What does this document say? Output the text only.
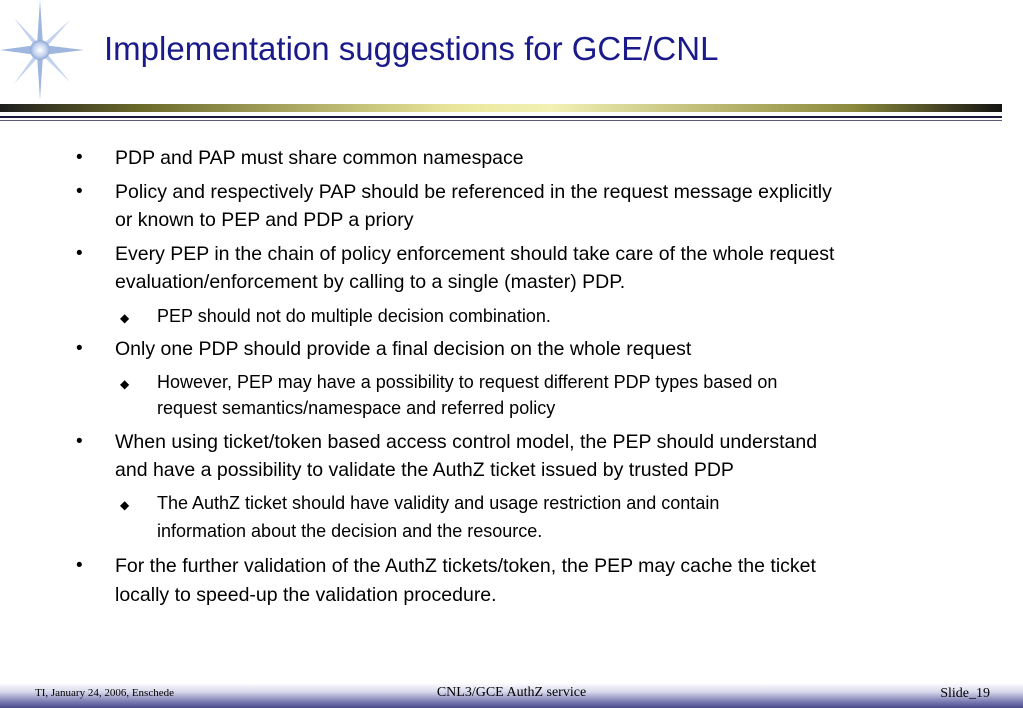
Implementation suggestions for GCE/CNL
• PDP and PAP must share common namespace
• Policy and respectively PAP should be referenced in the request message explicitly
or known to PEP and PDP a priory
• Every PEP in the chain of policy enforcement should take care of the whole request
evaluation/enforcement by calling to a single (master) PDP.
◆ PEP should not do multiple decision combination.
• Only one PDP should provide a final decision on the whole request
◆ However, PEP may have a possibility to request different PDP types based on
request semantics/namespace and referred policy
• When using ticket/token based access control model, the PEP should understand
and have a possibility to validate the AuthZ ticket issued by trusted PDP
◆ The AuthZ ticket should have validity and usage restriction and contain
information about the decision and the resource.
• For the further validation of the AuthZ tickets/token, the PEP may cache the ticket
locally to speed-up the validation procedure.
TI, January 24, 2006, Enschede	CNL3/GCE AuthZ service	Slide_19
